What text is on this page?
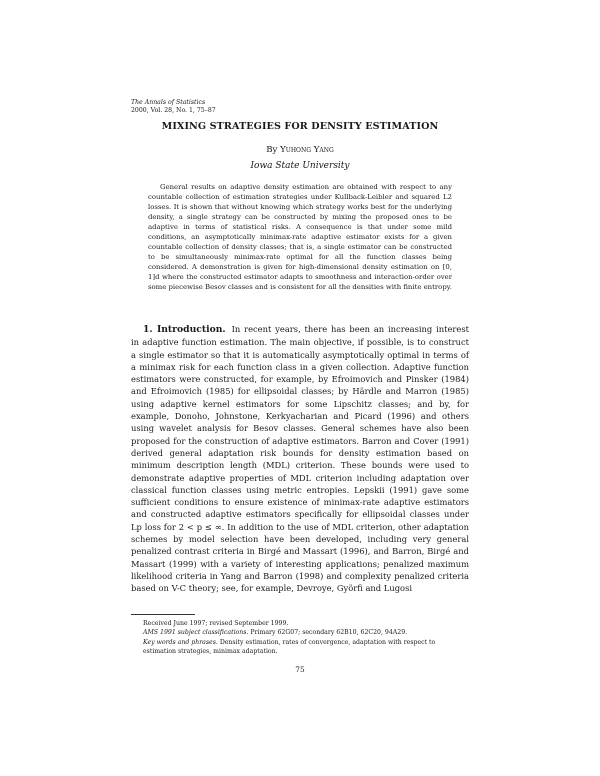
The Annals of Statistics
2000, Vol. 28, No. 1, 75–87
MIXING STRATEGIES FOR DENSITY ESTIMATION
By Yuhong Yang
Iowa State University

General results on adaptive density estimation are obtained with respect to any countable collection of estimation strategies under Kullback-Leibler and squared L2 losses. It is shown that without knowing which strategy works best for the underlying density, a single strategy can be constructed by mixing the proposed ones to be adaptive in terms of statistical risks. A consequence is that under some mild conditions, an asymptotically minimax-rate adaptive estimator exists for a given countable collection of density classes; that is, a single estimator can be constructed to be simultaneously minimax-rate optimal for all the function classes being considered. A demonstration is given for high-dimensional density estimation on [0, 1]d where the constructed estimator adapts to smoothness and interaction-order over some piecewise Besov classes and is consistent for all the densities with finite entropy.

1. Introduction. In recent years, there has been an increasing interest in adaptive function estimation. The main objective, if possible, is to construct a single estimator so that it is automatically asymptotically optimal in terms of a minimax risk for each function class in a given collection. Adaptive function estimators were constructed, for example, by Efroimovich and Pinsker (1984) and Efroimovich (1985) for ellipsoidal classes; by Härdle and Marron (1985) using adaptive kernel estimators for some Lipschitz classes; and by, for example, Donoho, Johnstone, Kerkyacharian and Picard (1996) and others using wavelet analysis for Besov classes. General schemes have also been proposed for the construction of adaptive estimators. Barron and Cover (1991) derived general adaptation risk bounds for density estimation based on minimum description length (MDL) criterion. These bounds were used to demonstrate adaptive properties of MDL criterion including adaptation over classical function classes using metric entropies. Lepskii (1991) gave some sufficient conditions to ensure existence of minimax-rate adaptive estimators and constructed adaptive estimators specifically for ellipsoidal classes under Lp loss for 2 < p ≤ ∞. In addition to the use of MDL criterion, other adaptation schemes by model selection have been developed, including very general penalized contrast criteria in Birgé and Massart (1996), and Barron, Birgé and Massart (1999) with a variety of interesting applications; penalized maximum likelihood criteria in Yang and Barron (1998) and complexity penalized criteria based on V-C theory; see, for example, Devroye, Györfi and Lugosi

Received June 1997; revised September 1999.

AMS 1991 subject classifications. Primary 62G07; secondary 62B10, 62C20, 94A29.

Key words and phrases. Density estimation, rates of convergence, adaptation with respect to estimation strategies, minimax adaptation.

75
